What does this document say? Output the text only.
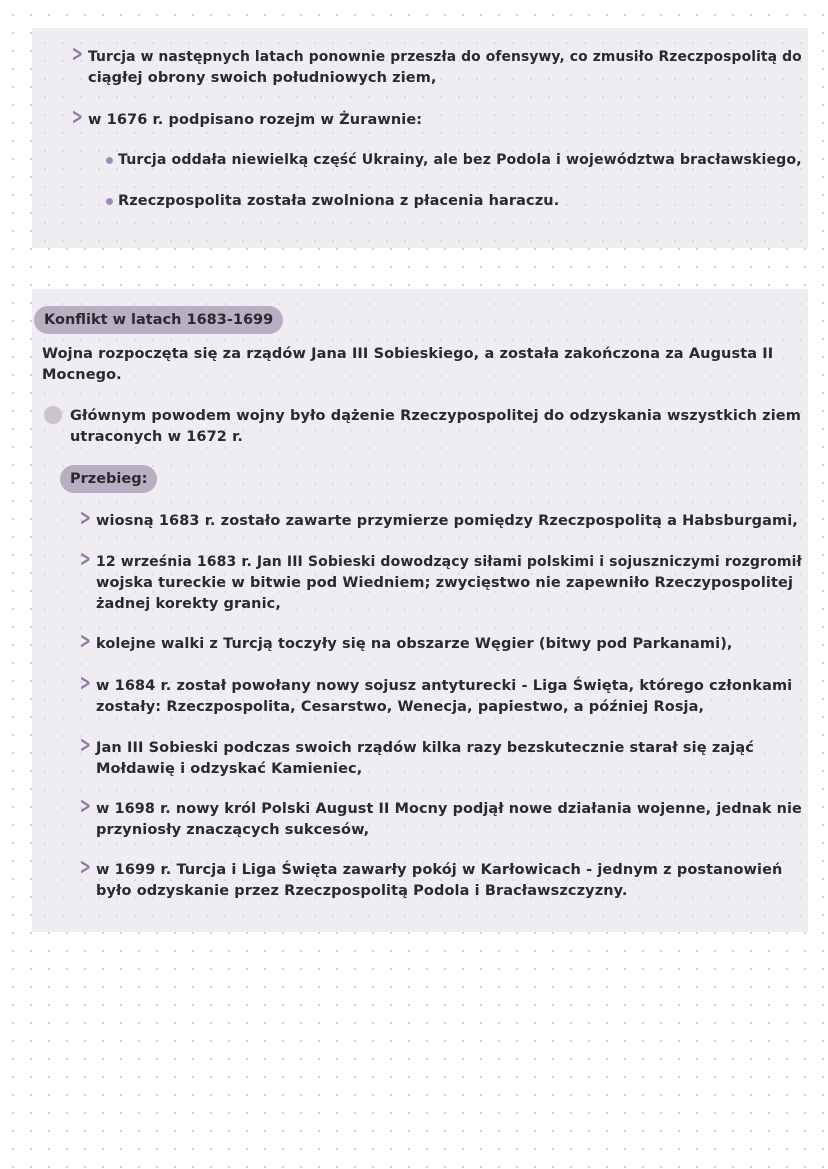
> Turcja w następnych latach ponownie przeszła do ofensywy, co zmusiło Rzeczpospolitą do

ciągłej obrony swoich południowych ziem,

> w 1676 r. podpisano rozejm w Żurawnie:

Turcja oddała niewielką część Ukrainy, ale bez Podola i województwa bracławskiego,

Rzeczpospolita została zwolniona z płacenia haraczu.

Konflikt w latach 1683-1699

Wojna rozpoczęta się za rządów Jana III Sobieskiego, a została zakończona za Augusta II

Mocnego.

Głównym powodem wojny było dążenie Rzeczypospolitej do odzyskania wszystkich ziem

utraconych w 1672 r.

Przebieg:
> wiosną 1683 r. zostało zawarte przymierze pomiędzy Rzeczpospolitą a Habsburgami,

> 12 września 1683 r. Jan III Sobieski dowodzący siłami polskimi i sojuszniczymi rozgromił

wojska tureckie w bitwie pod Wiedniem; zwycięstwo nie zapewniło Rzeczypospolitej

żadnej korekty granic,

> kolejne walki z Turcją toczyły się na obszarze Węgier (bitwy pod Parkanami),

> w 1684 r. został powołany nowy sojusz antyturecki - Liga Święta, którego członkami

zostały: Rzeczpospolita, Cesarstwo, Wenecja, papiestwo, a później Rosja,

> Jan III Sobieski podczas swoich rządów kilka razy bezskutecznie starał się zająć

Mołdawię i odzyskać Kamieniec,

> w 1698 r. nowy król Polski August II Mocny podjął nowe działania wojenne, jednak nie

przyniosły znaczących sukcesów,

> w 1699 r. Turcja i Liga Święta zawarły pokój w Karłowicach - jednym z postanowień

było odzyskanie przez Rzeczpospolitą Podola i Bracławszczyzny.
